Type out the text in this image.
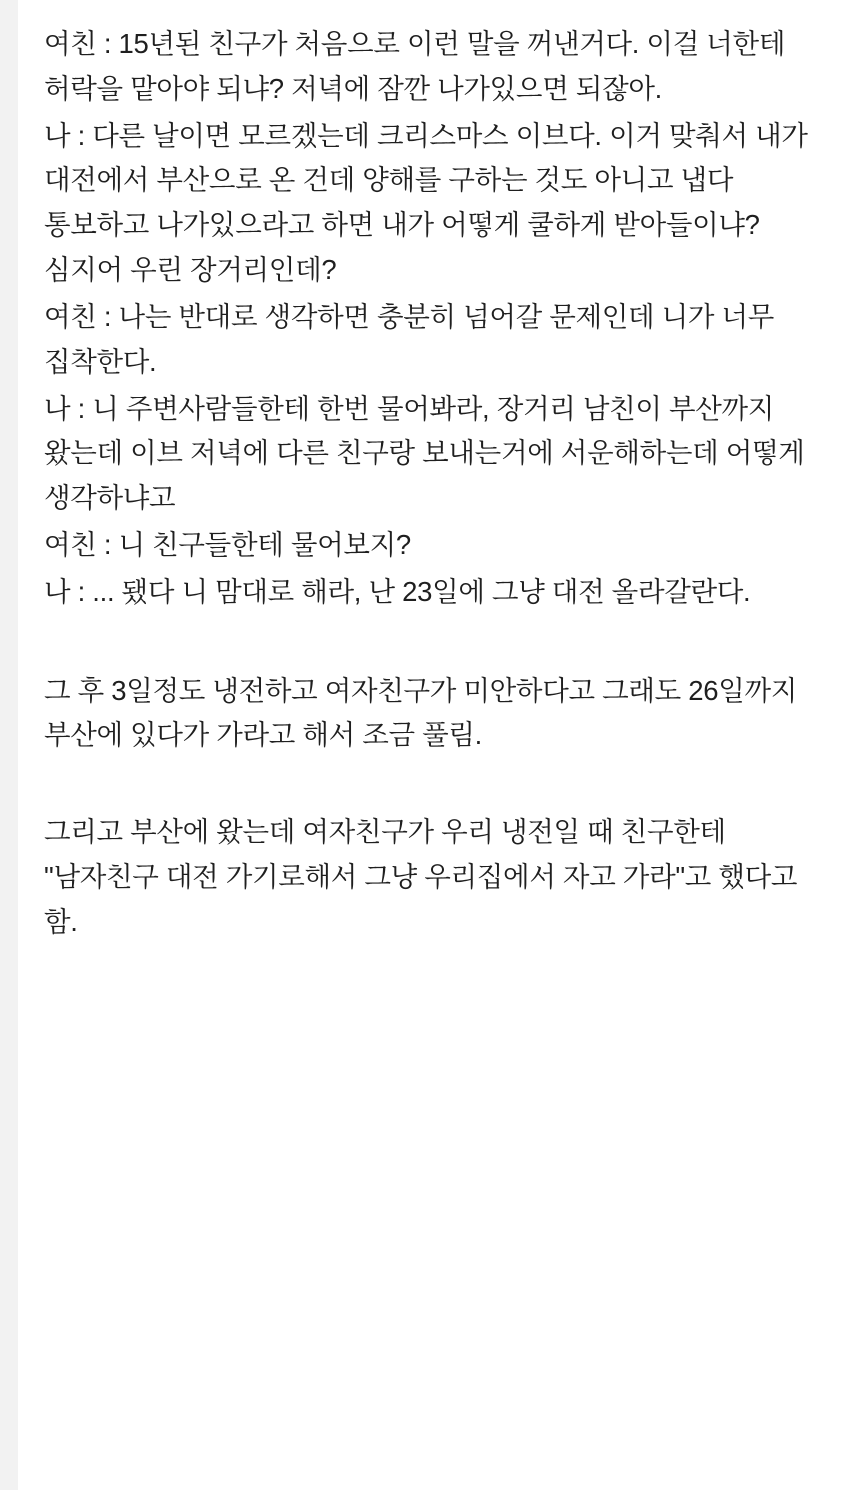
여친 : 15년된 친구가 처음으로 이런 말을 꺼낸거다. 이걸 너한테 허락을 맡아야 되냐? 저녁에 잠깐 나가있으면 되잖아.

나 : 다른 날이면 모르겠는데 크리스마스 이브다. 이거 맞춰서 내가 대전에서 부산으로 온 건데 양해를 구하는 것도 아니고 냅다 통보하고 나가있으라고 하면 내가 어떻게 쿨하게 받아들이냐? 심지어 우린 장거리인데?

여친 : 나는 반대로 생각하면 충분히 넘어갈 문제인데 니가 너무 집착한다.

나 : 니 주변사람들한테 한번 물어봐라, 장거리 남친이 부산까지 왔는데 이브 저녁에 다른 친구랑 보내는거에 서운해하는데 어떻게 생각하냐고

여친 : 니 친구들한테 물어보지?

나 : ... 됐다 니 맘대로 해라, 난 23일에 그냥 대전 올라갈란다.

그 후 3일정도 냉전하고 여자친구가 미안하다고 그래도 26일까지 부산에 있다가 가라고 해서 조금 풀림.

그리고 부산에 왔는데 여자친구가 우리 냉전일 때 친구한테 "남자친구 대전 가기로해서 그냥 우리집에서 자고 가라"고 했다고 함.
